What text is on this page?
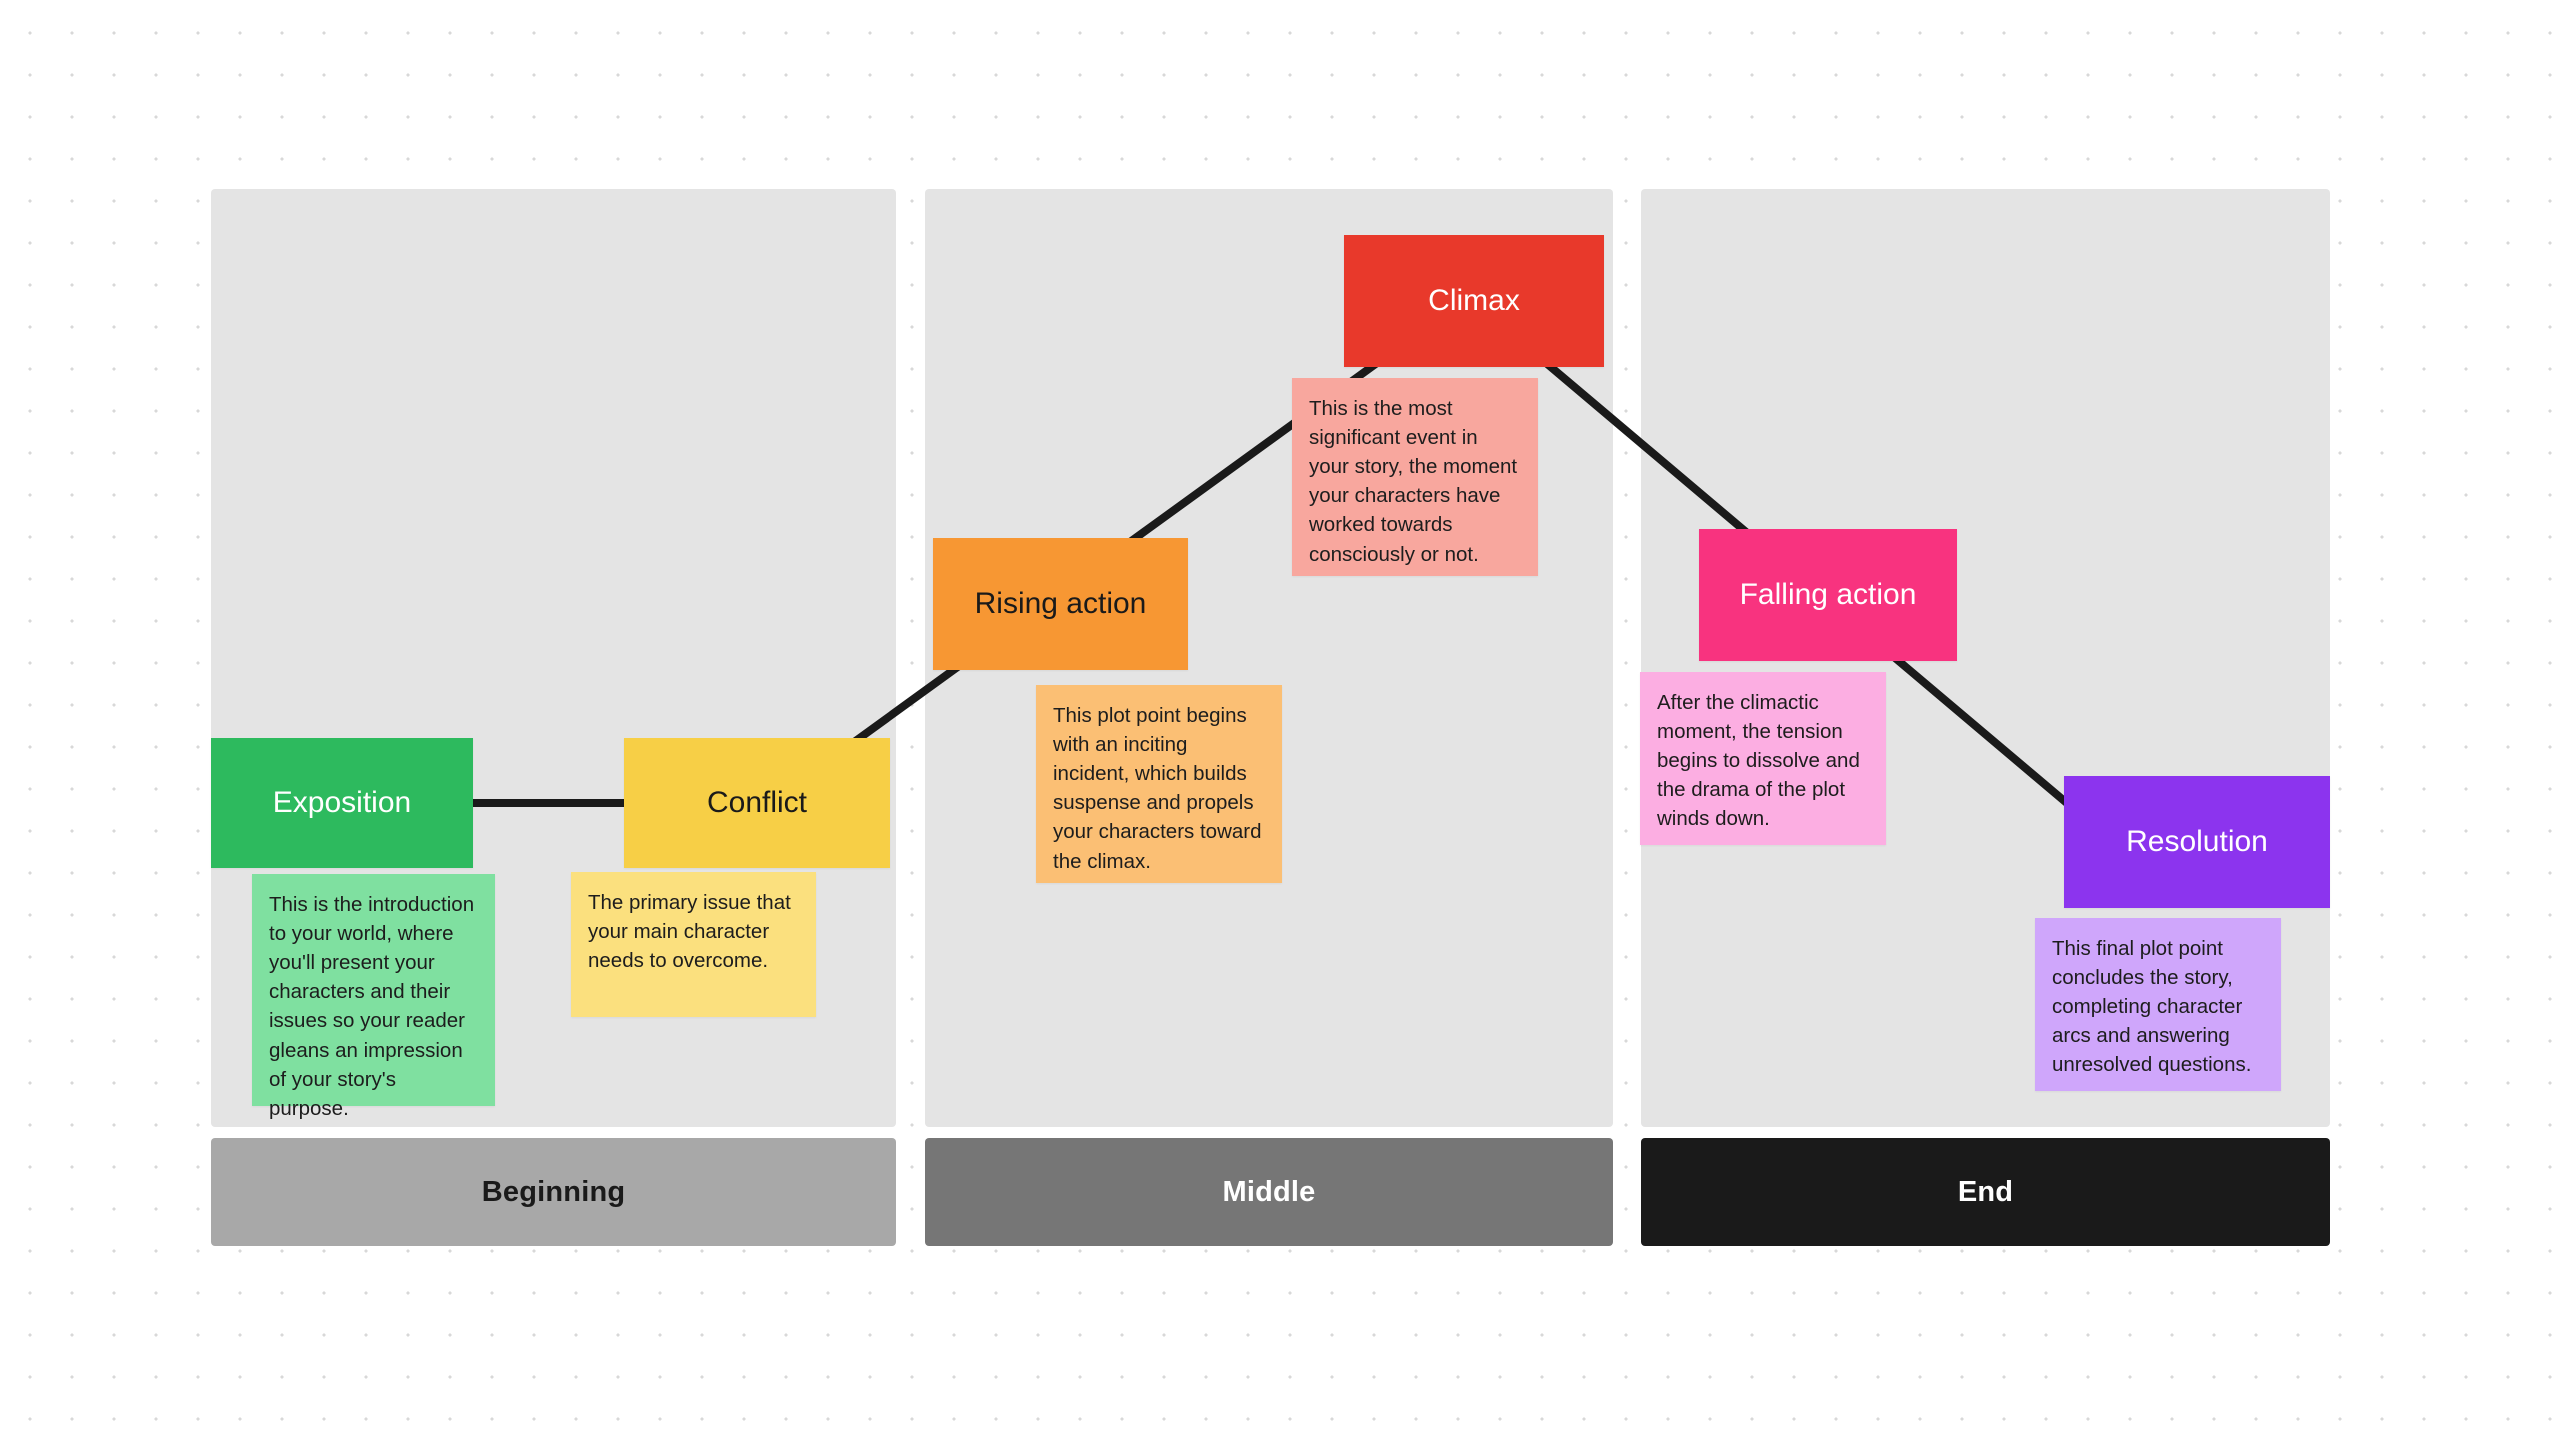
This is the introduction to your world, where you'll present your characters and their issues so your reader gleans an impression of your story's purpose.
Exposition
The primary issue that your main character needs to overcome.
Conflict
This plot point begins with an inciting incident, which builds suspense and propels your characters toward the climax.
Rising action
This is the most significant event in your story, the moment your characters have worked towards consciously or not.
Climax
After the climactic moment, the tension begins to dissolve and the drama of the plot winds down.
Falling action
This final plot point concludes the story, completing character arcs and answering unresolved questions.
Resolution
Beginning	Middle	End
